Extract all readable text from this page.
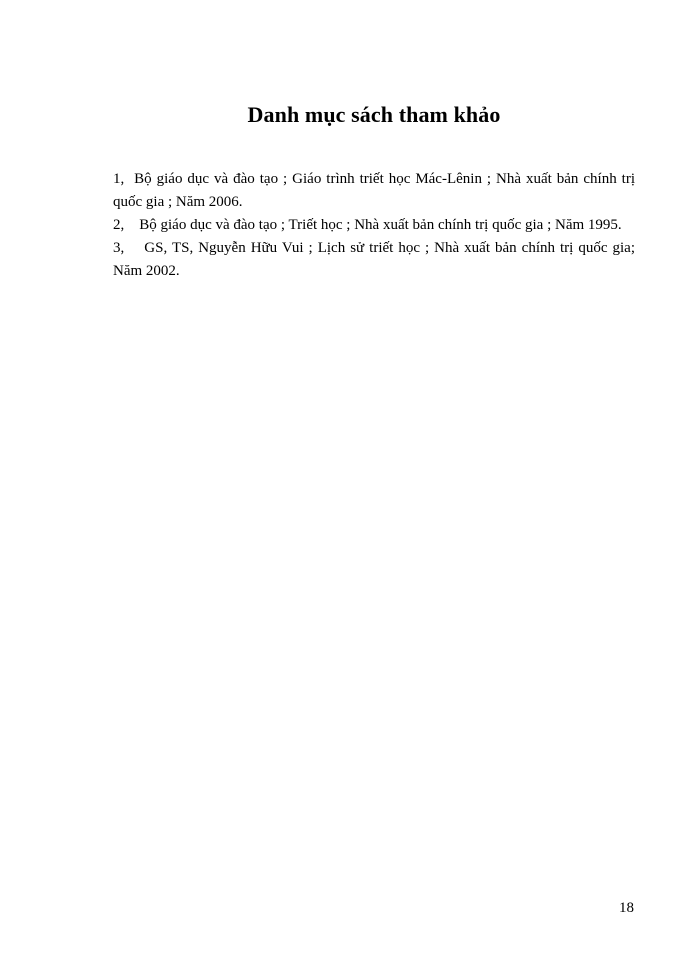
Danh mục sách tham khảo
1, Bộ giáo dục và đào tạo ; Giáo trình triết học Mác-Lênin ; Nhà xuất bản chính trị quốc gia ; Năm 2006.
2, Bộ giáo dục và đào tạo ; Triết học ; Nhà xuất bản chính trị quốc gia ; Năm 1995.
3, GS, TS, Nguyễn Hữu Vui ; Lịch sử triết học ; Nhà xuất bản chính trị quốc gia; Năm 2002.

18
